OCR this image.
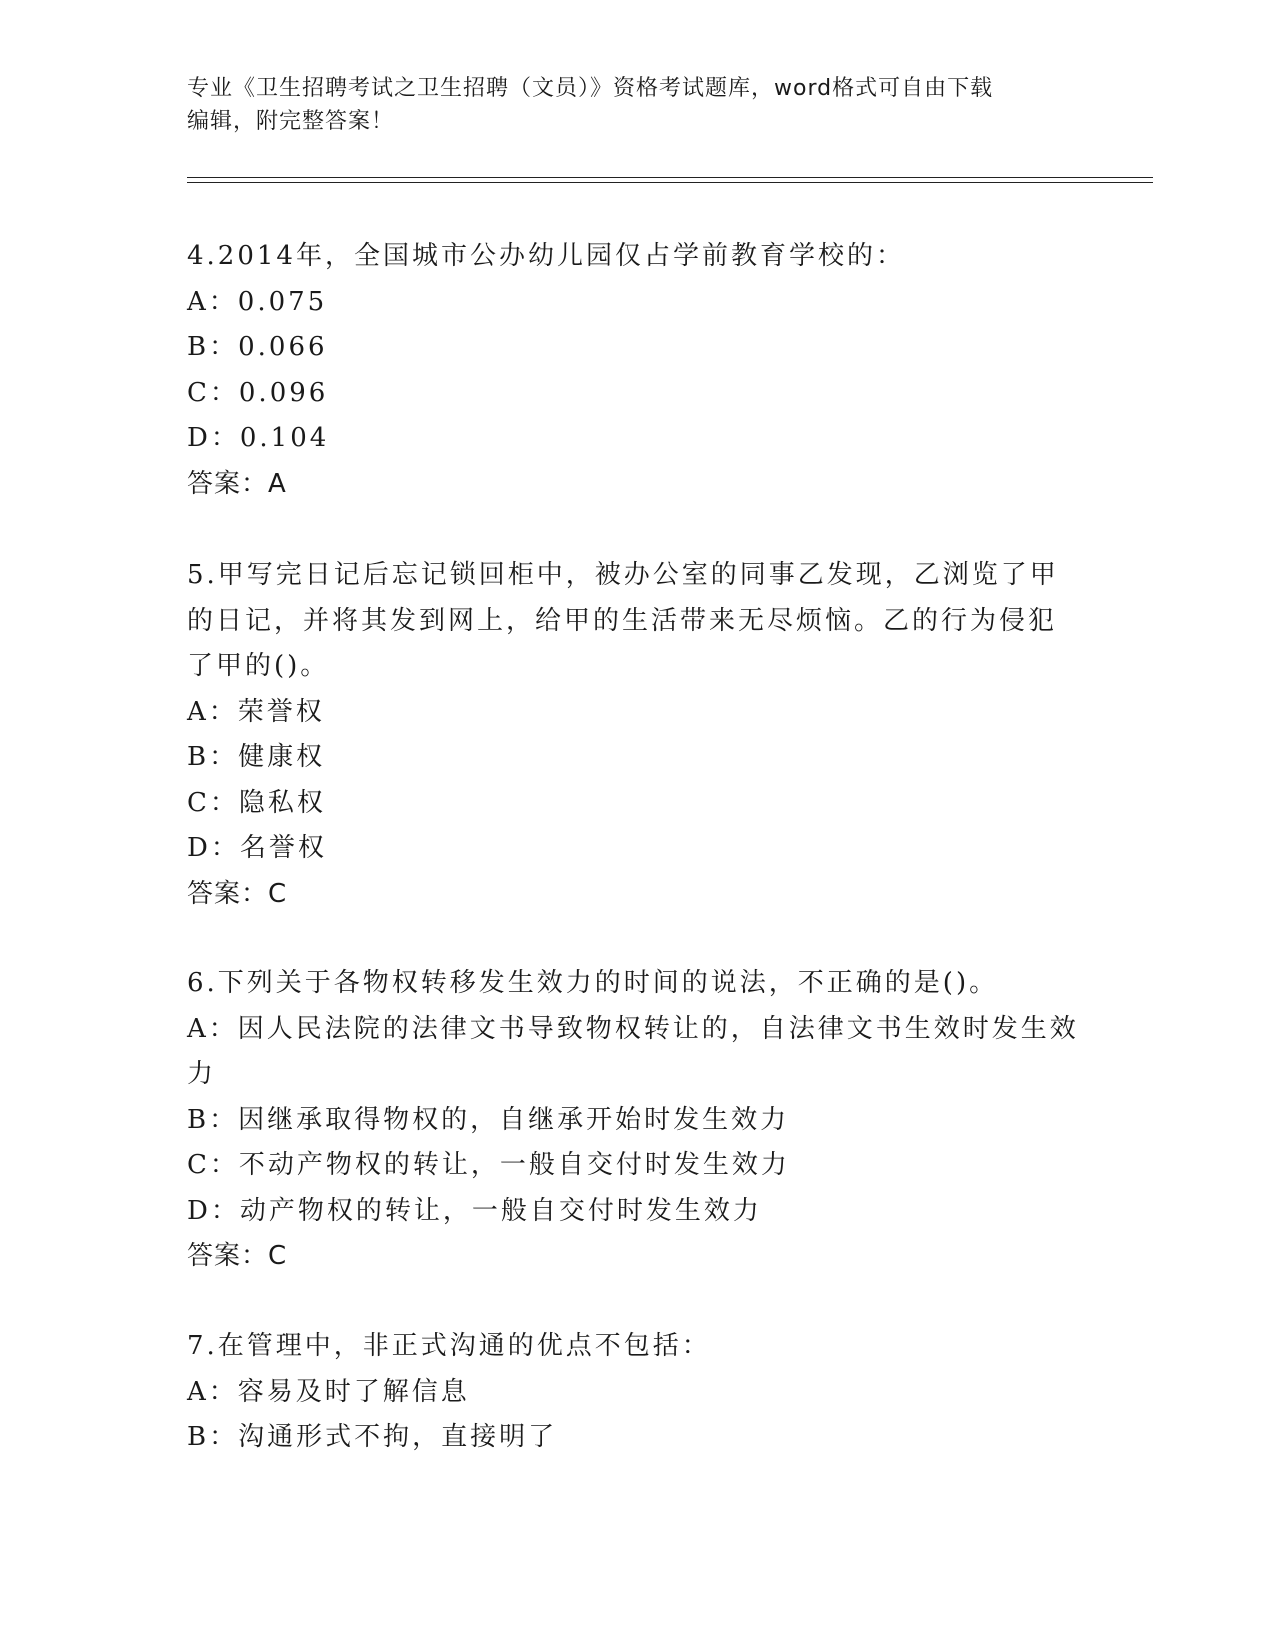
专业《卫生招聘考试之卫生招聘（文员）》资格考试题库，word格式可自由下载
编辑，附完整答案！
4.2014年，全国城市公办幼儿园仅占学前教育学校的：
A：0.075
B：0.066
C：0.096
D：0.104
答案：A
5.甲写完日记后忘记锁回柜中，被办公室的同事乙发现，乙浏览了甲
的日记，并将其发到网上，给甲的生活带来无尽烦恼。乙的行为侵犯
了甲的()。
A：荣誉权
B：健康权
C：隐私权
D：名誉权
答案：C
6.下列关于各物权转移发生效力的时间的说法，不正确的是()。
A：因人民法院的法律文书导致物权转让的，自法律文书生效时发生效
力
B：因继承取得物权的，自继承开始时发生效力
C：不动产物权的转让，一般自交付时发生效力
D：动产物权的转让，一般自交付时发生效力
答案：C
7.在管理中，非正式沟通的优点不包括：
A：容易及时了解信息
B：沟通形式不拘，直接明了
